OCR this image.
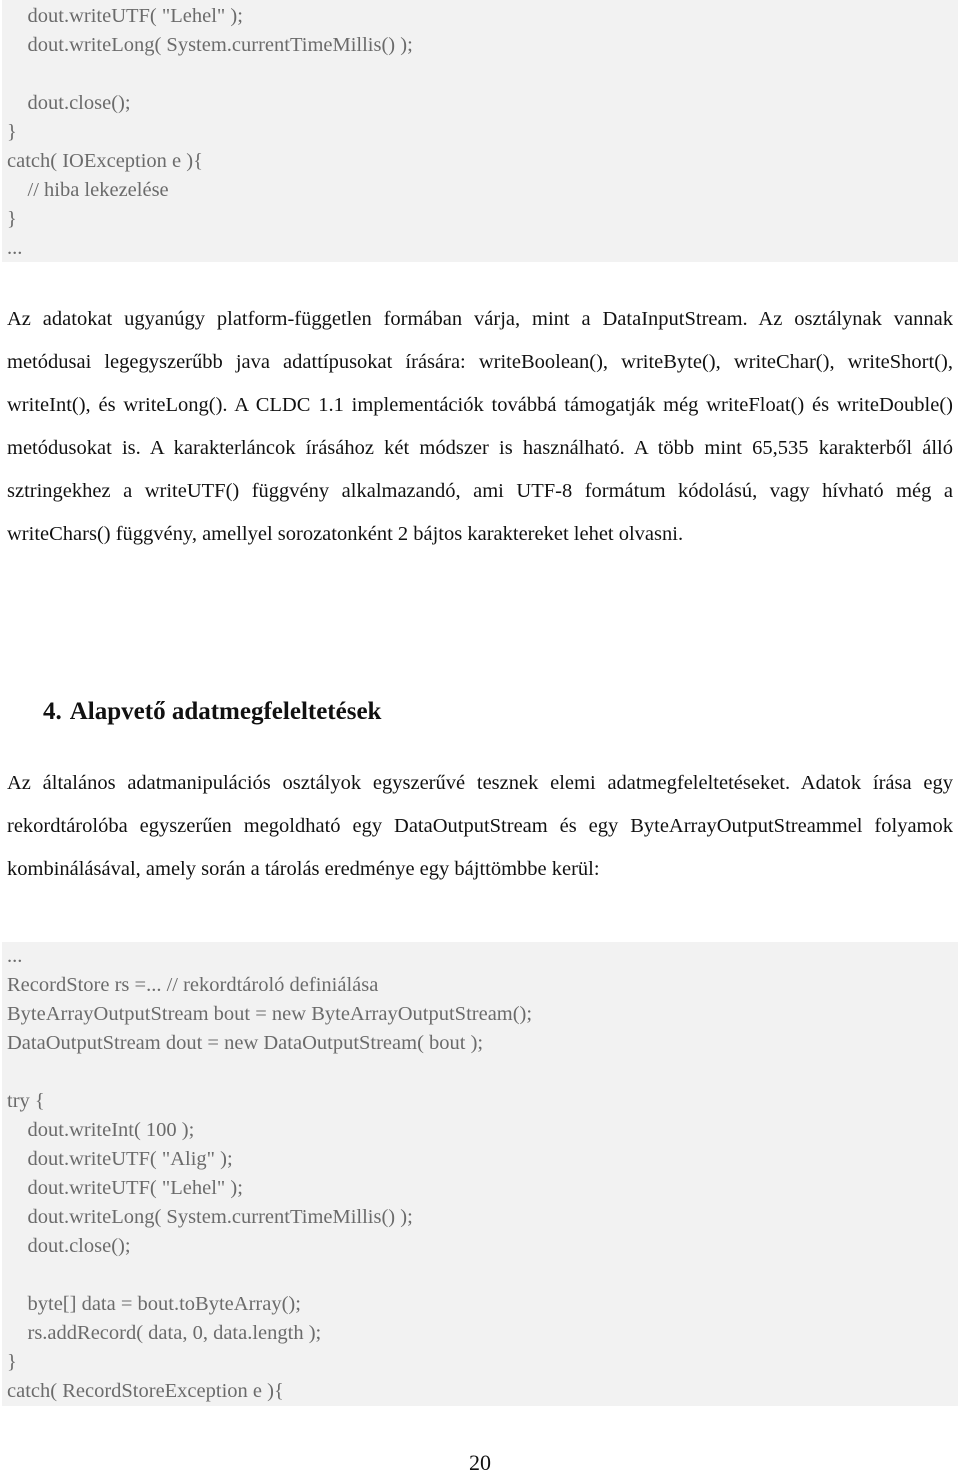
dout.writeUTF( "Lehel" );
dout.writeLong( System.currentTimeMillis() );
dout.close();
}
catch( IOException e ){
// hiba lekezelése
}
...

Az adatokat ugyanúgy platform-független formában várja, mint a DataInputStream. Az osztálynak vannak metódusai legegyszerűbb java adattípusokat írására: writeBoolean(), writeByte(), writeChar(), writeShort(), writeInt(), és writeLong(). A CLDC 1.1 implementációk továbbá támogatják még writeFloat() és writeDouble() metódusokat is. A karakterláncok írásához két módszer is használható. A több mint 65,535 karakterből álló sztringekhez a writeUTF() függvény alkalmazandó, ami UTF-8 formátum kódolású, vagy hívható még a writeChars() függvény, amellyel sorozatonként 2 bájtos karaktereket lehet olvasni.

4. Alapvető adatmegfeleltetések

Az általános adatmanipulációs osztályok egyszerűvé tesznek elemi adatmegfeleltetéseket. Adatok írása egy rekordtárolóba egyszerűen megoldható egy DataOutputStream és egy ByteArrayOutputStreammel folyamok kombinálásával, amely során a tárolás eredménye egy bájttömbbe kerül:

...
RecordStore rs =... // rekordtároló definiálása
ByteArrayOutputStream bout = new ByteArrayOutputStream();
DataOutputStream dout = new DataOutputStream( bout );
try {
dout.writeInt( 100 );
dout.writeUTF( "Alig" );
dout.writeUTF( "Lehel" );
dout.writeLong( System.currentTimeMillis() );
dout.close();
byte[] data = bout.toByteArray();
rs.addRecord( data, 0, data.length );
}
catch( RecordStoreException e ){
20
